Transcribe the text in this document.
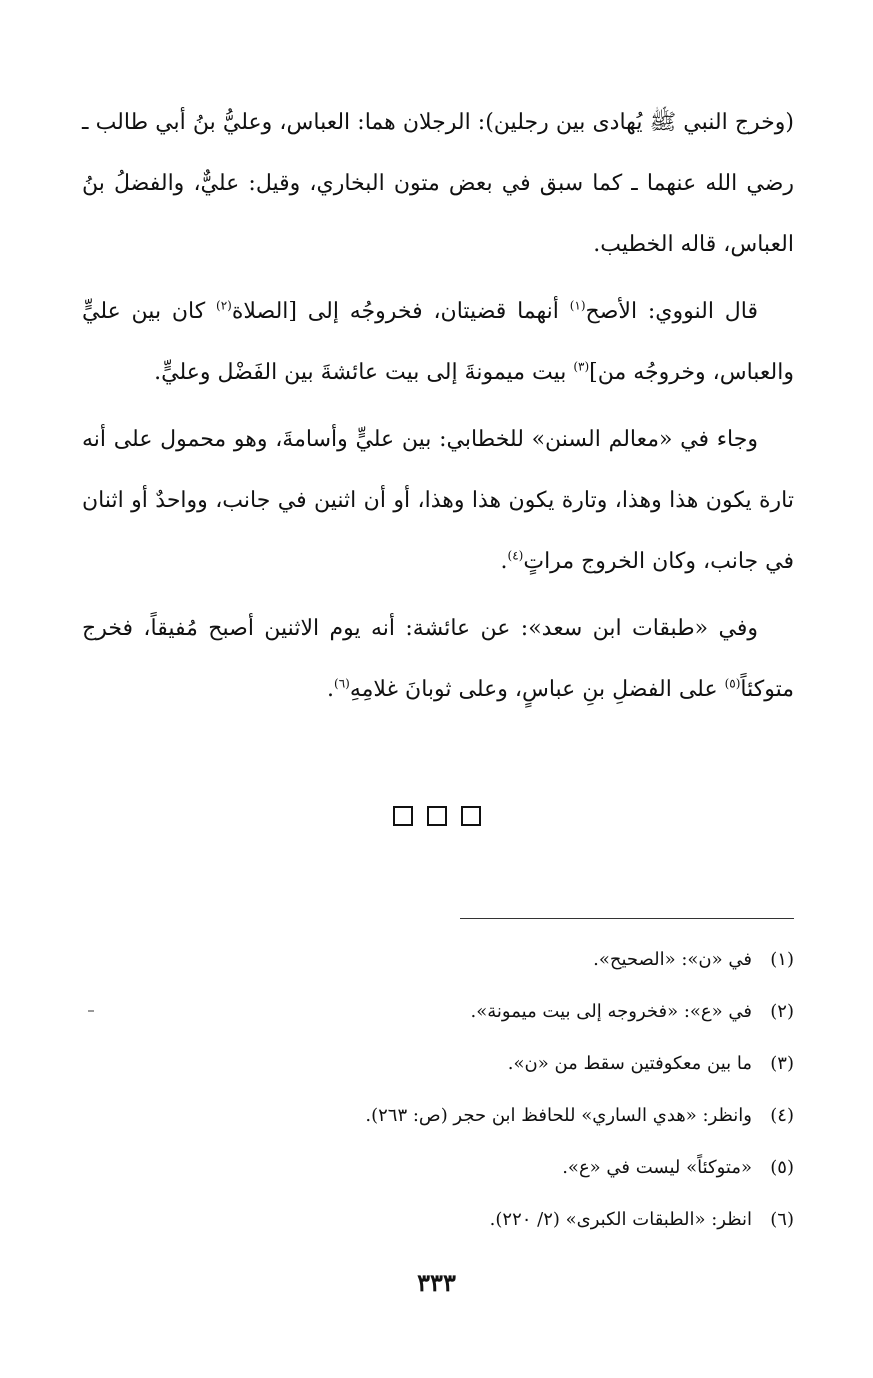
(وخرج النبي ﷺ يُهادى بين رجلين): الرجلان هما: العباس، وعليُّ بنُ أبي طالب ـ رضي الله عنهما ـ كما سبق في بعض متون البخاري، وقيل: عليٌّ، والفضلُ بنُ العباس، قاله الخطيب.

قال النووي: الأصح$^{(١)}$ أنهما قضيتان، فخروجُه إلى [الصلاة$^{(٢)}$ كان بين عليٍّ والعباس، وخروجُه من]$^{(٣)}$ بيت ميمونةَ إلى بيت عائشةَ بين الفَضْل وعليٍّ.

وجاء في «معالم السنن» للخطابي: بين عليٍّ وأسامةَ، وهو محمول على أنه تارة يكون هذا وهذا، وتارة يكون هذا وهذا، أو أن اثنين في جانب، وواحدٌ أو اثنان في جانب، وكان الخروج مراتٍ$^{(٤)}$.

وفي «طبقات ابن سعد»: عن عائشة: أنه يوم الاثنين أصبح مُفيقاً، فخرج متوكئاً$^{(٥)}$ على الفضلِ بنِ عباسٍ، وعلى ثوبانَ غلامِهِ$^{(٦)}$.

(١)في «ن»: «الصحيح».
(٢)في «ع»: «فخروجه إلى بيت ميمونة».
(٣)ما بين معكوفتين سقط من «ن».
(٤)وانظر: «هدي الساري» للحافظ ابن حجر (ص: ٢٦٣).
(٥)«متوكئاً» ليست في «ع».
(٦)انظر: «الطبقات الكبرى» (٢/ ٢٢٠).
٣٣٣
